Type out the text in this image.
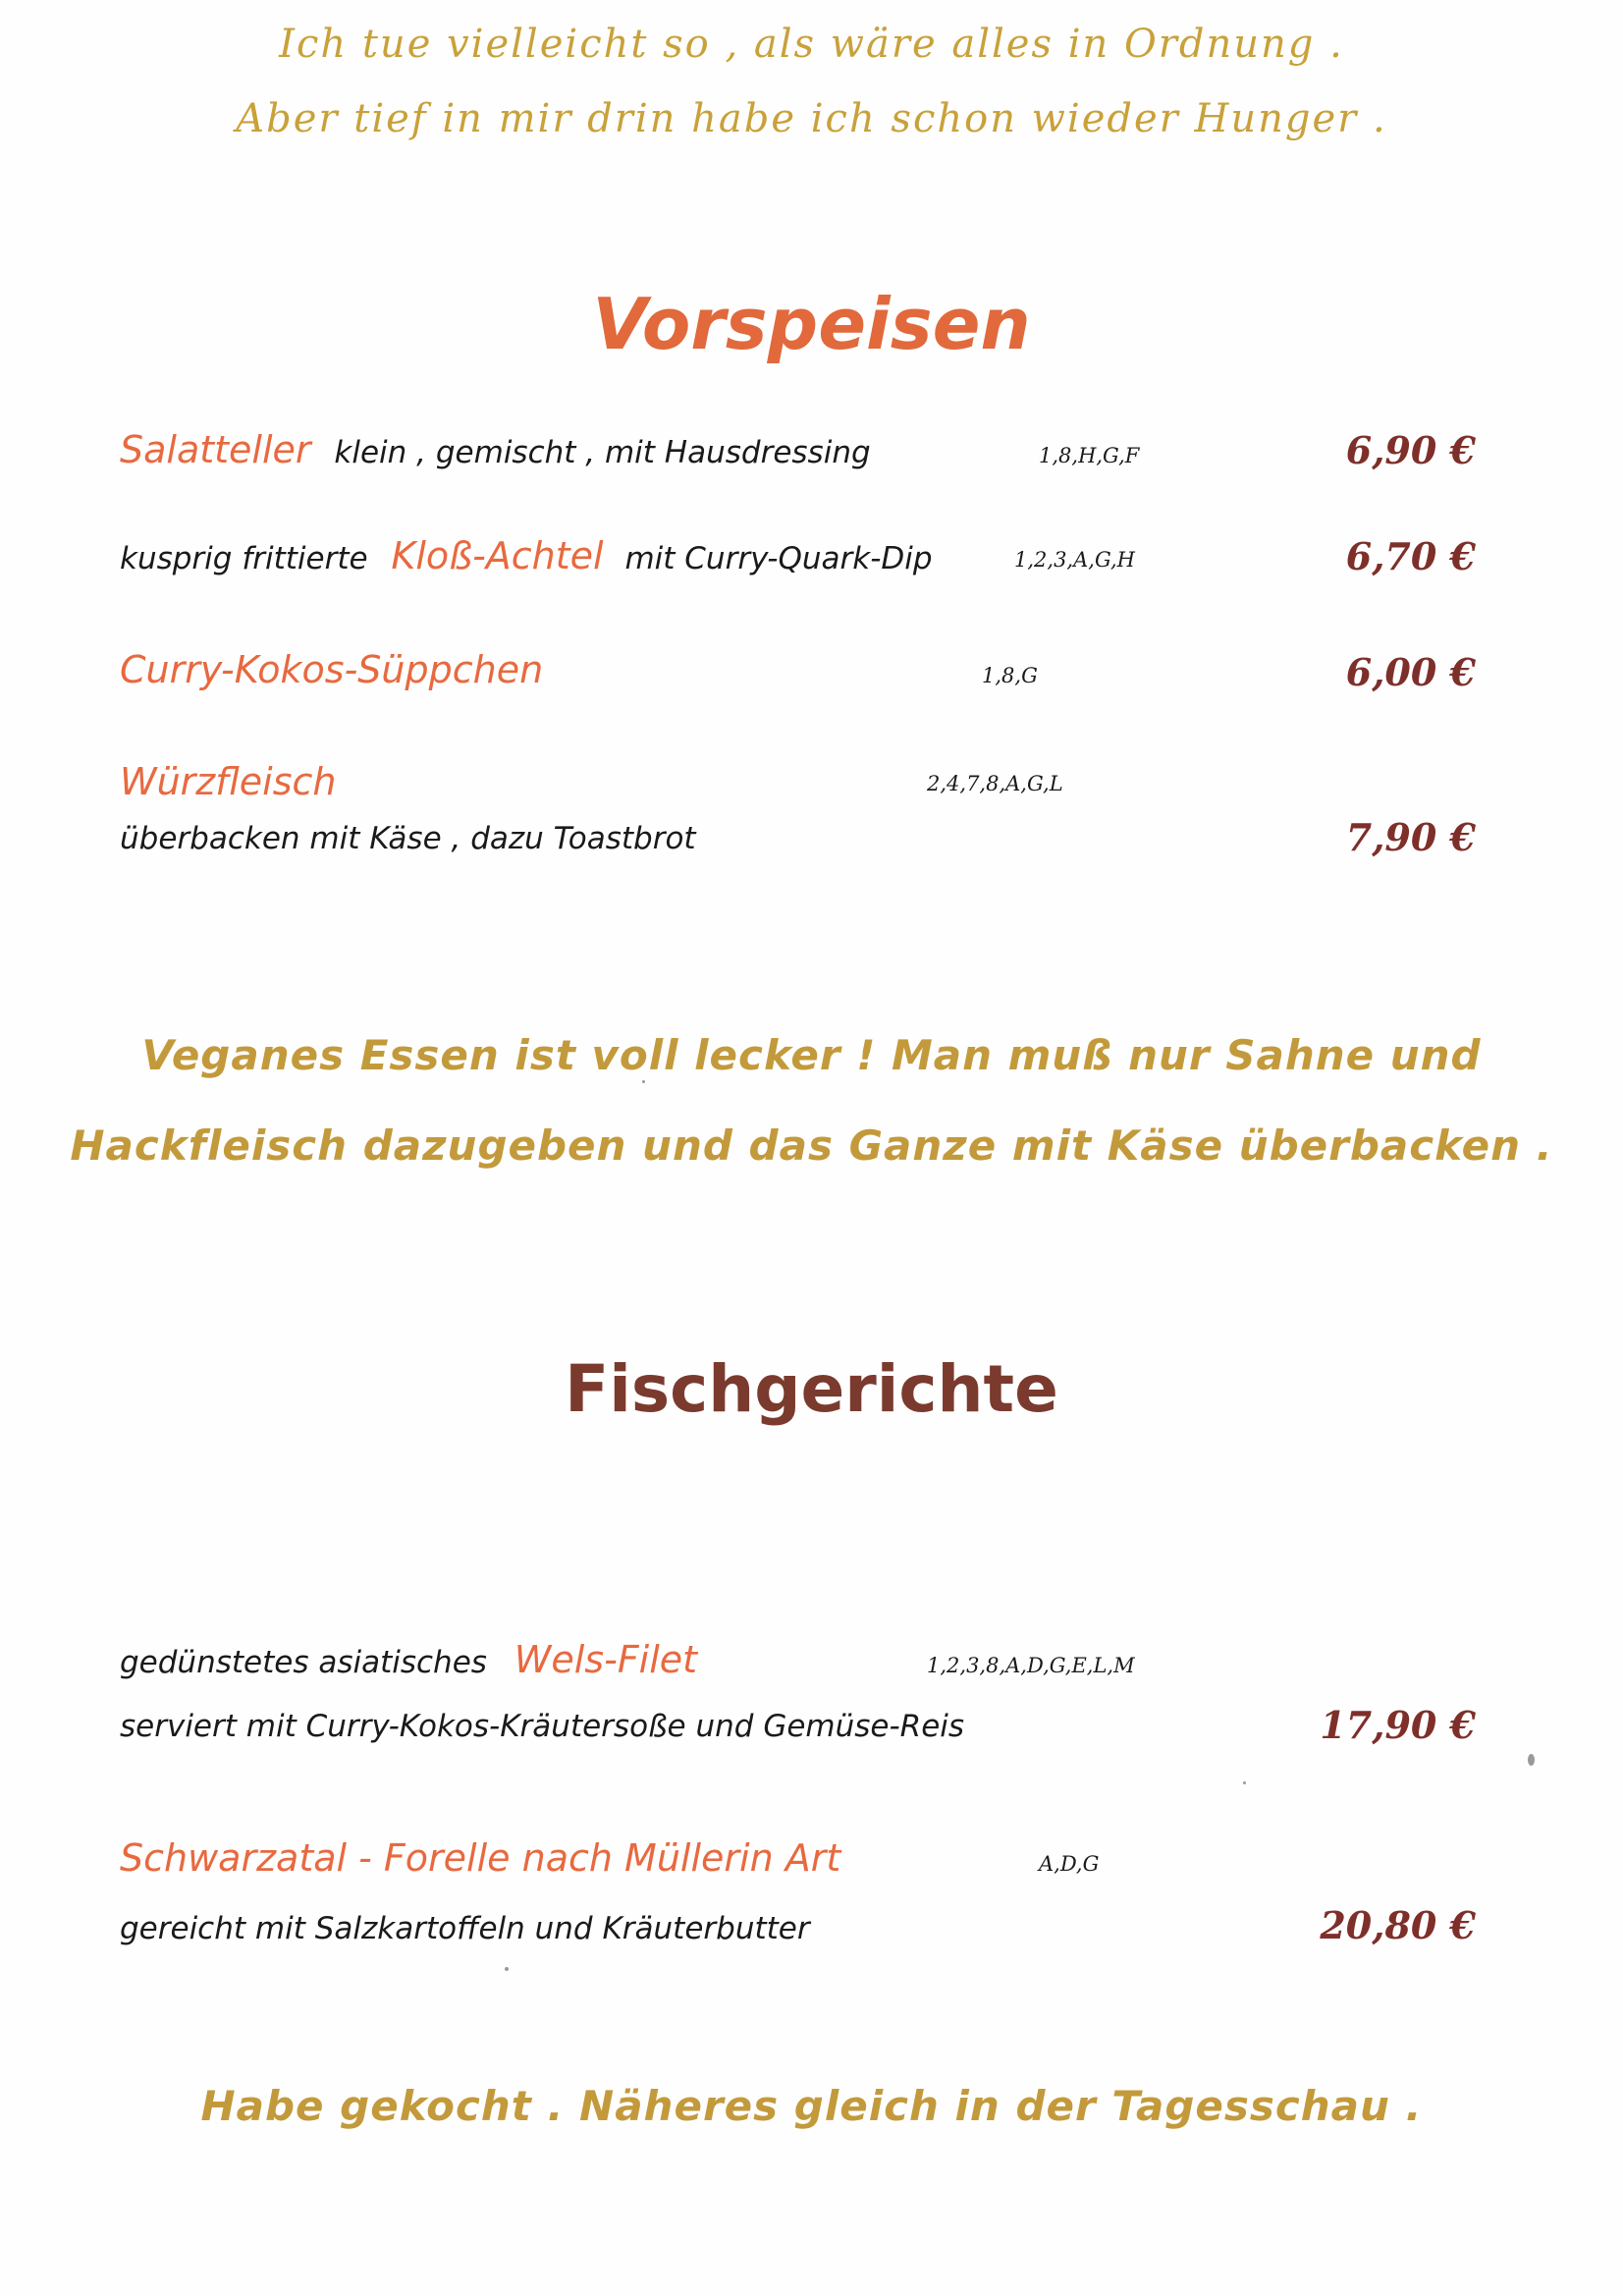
Ich tue vielleicht so , als wäre alles in Ordnung .
Aber tief in mir drin habe ich schon wieder Hunger .
Vorspeisen
Salatteller klein , gemischt , mit Hausdressing	1,8,H,G,F	6,90 €
kusprig frittierte Kloß-Achtel mit Curry-Quark-Dip	1,2,3,A,G,H	6,70 €
Curry-Kokos-Süppchen	1,8,G	6,00 €
Würzfleisch	2,4,7,8,A,G,L
überbacken mit Käse , dazu Toastbrot	7,90 €
Veganes Essen ist voll lecker ! Man muß nur Sahne und
Hackfleisch dazugeben und das Ganze mit Käse überbacken .
Fischgerichte
gedünstetes asiatisches Wels-Filet	1,2,3,8,A,D,G,E,L,M
serviert mit Curry-Kokos-Kräutersoße und Gemüse-Reis	17,90 €
Schwarzatal - Forelle nach Müllerin Art	A,D,G
gereicht mit Salzkartoffeln und Kräuterbutter	20,80 €
Habe gekocht . Näheres gleich in der Tagesschau .
